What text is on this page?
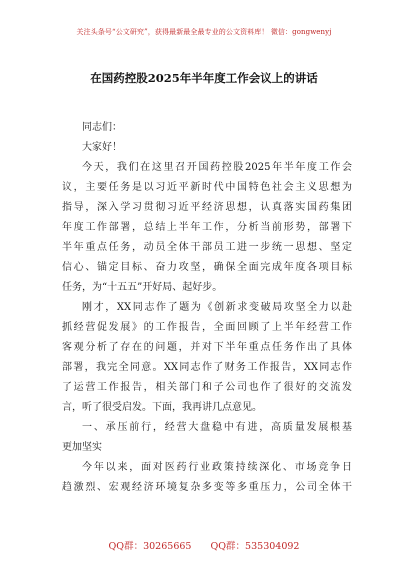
关注头条号“公文研究”，获得最新最全最专业的公文资料库！ 微信：gongwenyj
在国药控股2025年半年度工作会议上的讲话
同志们：
大家好！
今天，我们在这里召开国药控股2025年半年度工作会
议，主要任务是以习近平新时代中国特色社会主义思想为
指导，深入学习贯彻习近平经济思想，认真落实国药集团
年度工作部署，总结上半年工作，分析当前形势，部署下
半年重点任务，动员全体干部员工进一步统一思想、坚定
信心、锚定目标、奋力攻坚，确保全面完成年度各项目标
任务，为“十五五”开好局、起好步。
刚才，XX同志作了题为《创新求变破局攻坚全力以赴
抓经营促发展》的工作报告，全面回顾了上半年经营工作
客观分析了存在的问题，并对下半年重点任务作出了具体
部署，我完全同意。XX同志作了财务工作报告，XX同志作
了运营工作报告，相关部门和子公司也作了很好的交流发
言，听了很受启发。下面，我再讲几点意见。
一、承压前行，经营大盘稳中有进，高质量发展根基
更加坚实
今年以来，面对医药行业政策持续深化、市场竞争日
趋激烈、宏观经济环境复杂多变等多重压力，公司全体干
QQ群：30265665 QQ群：535304092
